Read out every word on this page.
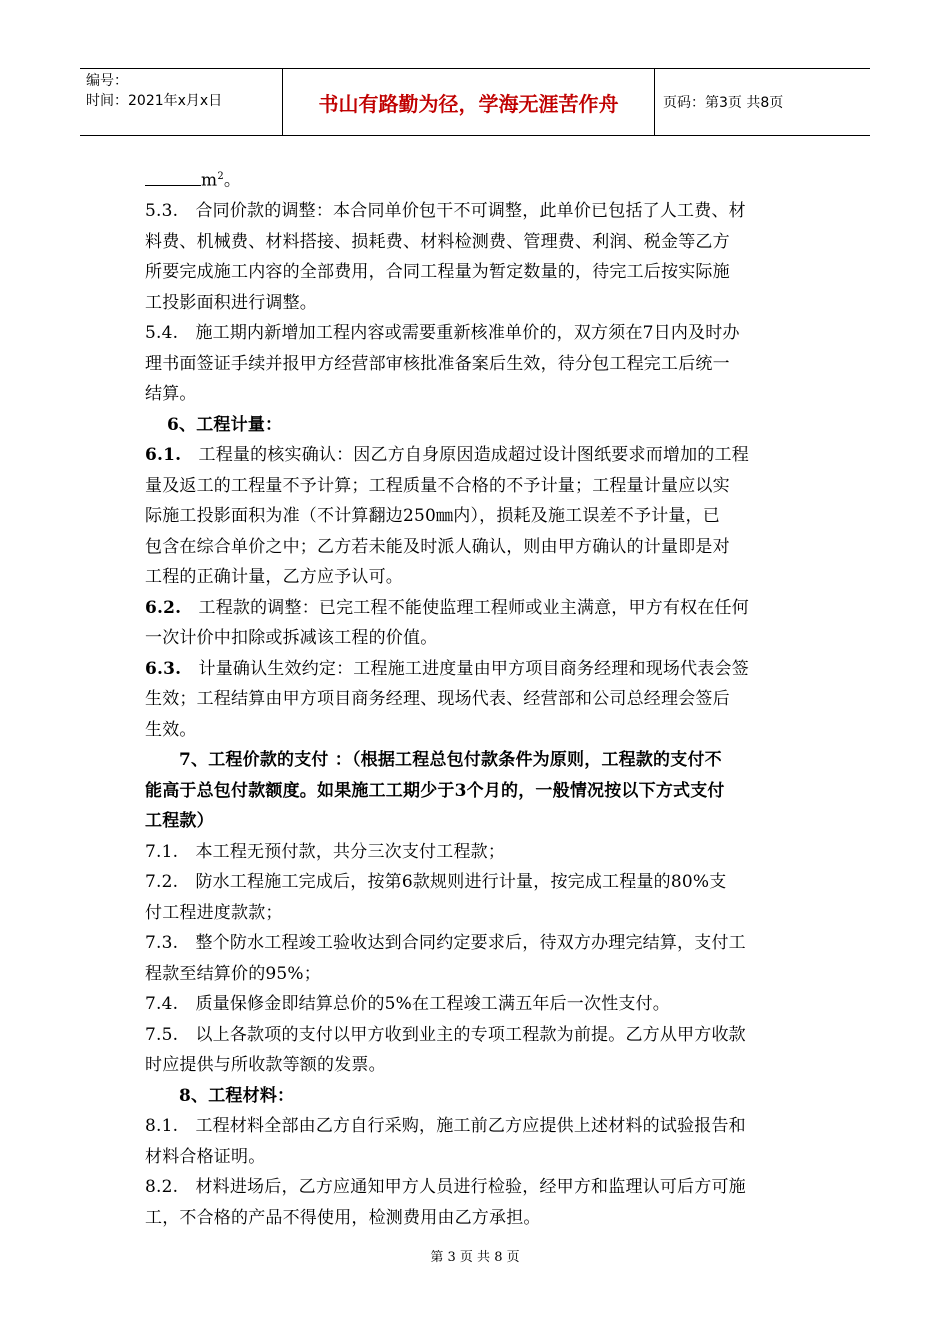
编号：
时间：2021年x月x日	书山有路勤为径，学海无涯苦作舟	页码：第3页 共8页
$m^2$。
5.3.　合同价款的调整：本合同单价包干不可调整，此单价已包括了人工费、材
料费、机械费、材料搭接、损耗费、材料检测费、管理费、利润、税金等乙方
所要完成施工内容的全部费用，合同工程量为暂定数量的，待完工后按实际施
工投影面积进行调整。
5.4.　施工期内新增加工程内容或需要重新核准单价的，双方须在7日内及时办
理书面签证手续并报甲方经营部审核批准备案后生效，待分包工程完工后统一
结算。
6、工程计量：
6.1.　工程量的核实确认：因乙方自身原因造成超过设计图纸要求而增加的工程
量及返工的工程量不予计算；工程质量不合格的不予计量；工程量计量应以实
际施工投影面积为准（不计算翻边250㎜内），损耗及施工误差不予计量，已
包含在综合单价之中；乙方若未能及时派人确认，则由甲方确认的计量即是对
工程的正确计量，乙方应予认可。
6.2.　工程款的调整：已完工程不能使监理工程师或业主满意，甲方有权在任何
一次计价中扣除或拆减该工程的价值。
6.3.　计量确认生效约定：工程施工进度量由甲方项目商务经理和现场代表会签
生效；工程结算由甲方项目商务经理、现场代表、经营部和公司总经理会签后
生效。
7、工程价款的支付 ：（根据工程总包付款条件为原则，工程款的支付不
能高于总包付款额度。如果施工工期少于3个月的，一般情况按以下方式支付
工程款）
7.1.　本工程无预付款，共分三次支付工程款；
7.2.　防水工程施工完成后，按第6款规则进行计量，按完成工程量的80%支
付工程进度款款；
7.3.　整个防水工程竣工验收达到合同约定要求后，待双方办理完结算，支付工
程款至结算价的95%；
7.4.　质量保修金即结算总价的5%在工程竣工满五年后一次性支付。
7.5.　以上各款项的支付以甲方收到业主的专项工程款为前提。乙方从甲方收款
时应提供与所收款等额的发票。
8、工程材料：
8.1.　工程材料全部由乙方自行采购，施工前乙方应提供上述材料的试验报告和
材料合格证明。
8.2.　材料进场后，乙方应通知甲方人员进行检验，经甲方和监理认可后方可施
工，不合格的产品不得使用，检测费用由乙方承担。
第 3 页 共 8 页
